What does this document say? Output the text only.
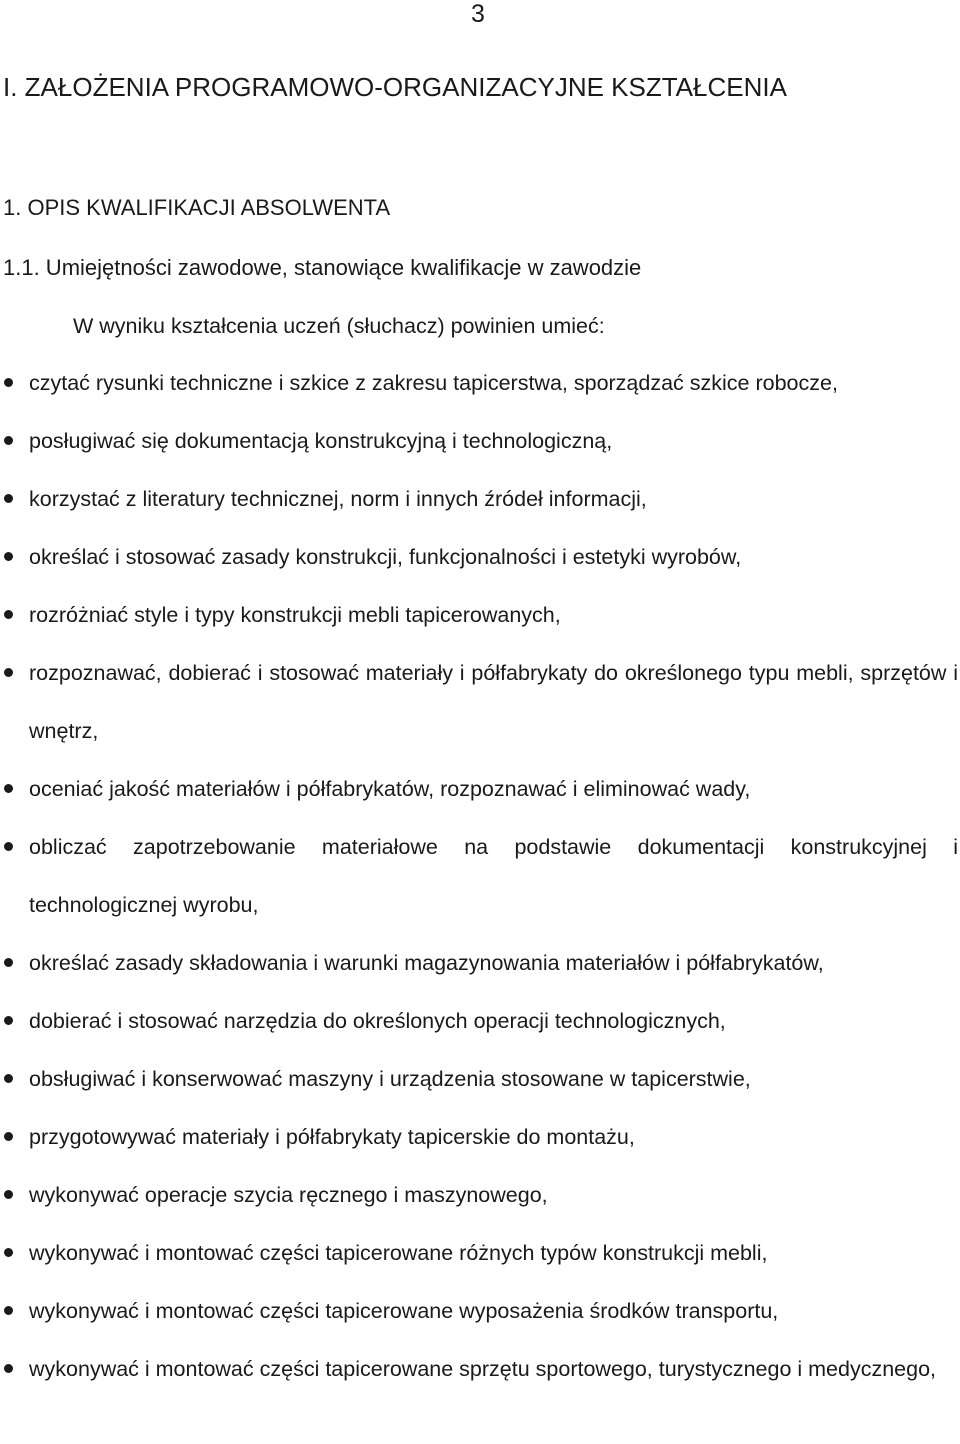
3
I. ZAŁOŻENIA PROGRAMOWO-ORGANIZACYJNE KSZTAŁCENIA
1. OPIS KWALIFIKACJI ABSOLWENTA
1.1. Umiejętności zawodowe, stanowiące kwalifikacje w zawodzie
W wyniku kształcenia uczeń (słuchacz) powinien umieć:
czytać rysunki techniczne i szkice z zakresu tapicerstwa, sporządzać szkice robocze,
posługiwać się dokumentacją konstrukcyjną i technologiczną,
korzystać z literatury technicznej, norm i innych źródeł informacji,
określać i stosować zasady konstrukcji, funkcjonalności i estetyki wyrobów,
rozróżniać style i typy konstrukcji mebli tapicerowanych,
rozpoznawać, dobierać i stosować materiały i półfabrykaty do określonego typu mebli, sprzętów i wnętrz,
oceniać jakość materiałów i półfabrykatów, rozpoznawać i eliminować wady,
obliczać zapotrzebowanie materiałowe na podstawie dokumentacji konstrukcyjnej i technologicznej wyrobu,
określać zasady składowania i warunki magazynowania materiałów i półfabrykatów,
dobierać i stosować narzędzia do określonych operacji technologicznych,
obsługiwać i konserwować maszyny i urządzenia stosowane w tapicerstwie,
przygotowywać materiały i półfabrykaty tapicerskie do montażu,
wykonywać operacje szycia ręcznego i maszynowego,
wykonywać i montować części tapicerowane różnych typów konstrukcji mebli,
wykonywać i montować części tapicerowane wyposażenia środków transportu,
wykonywać i montować części tapicerowane sprzętu sportowego, turystycznego i medycznego,
